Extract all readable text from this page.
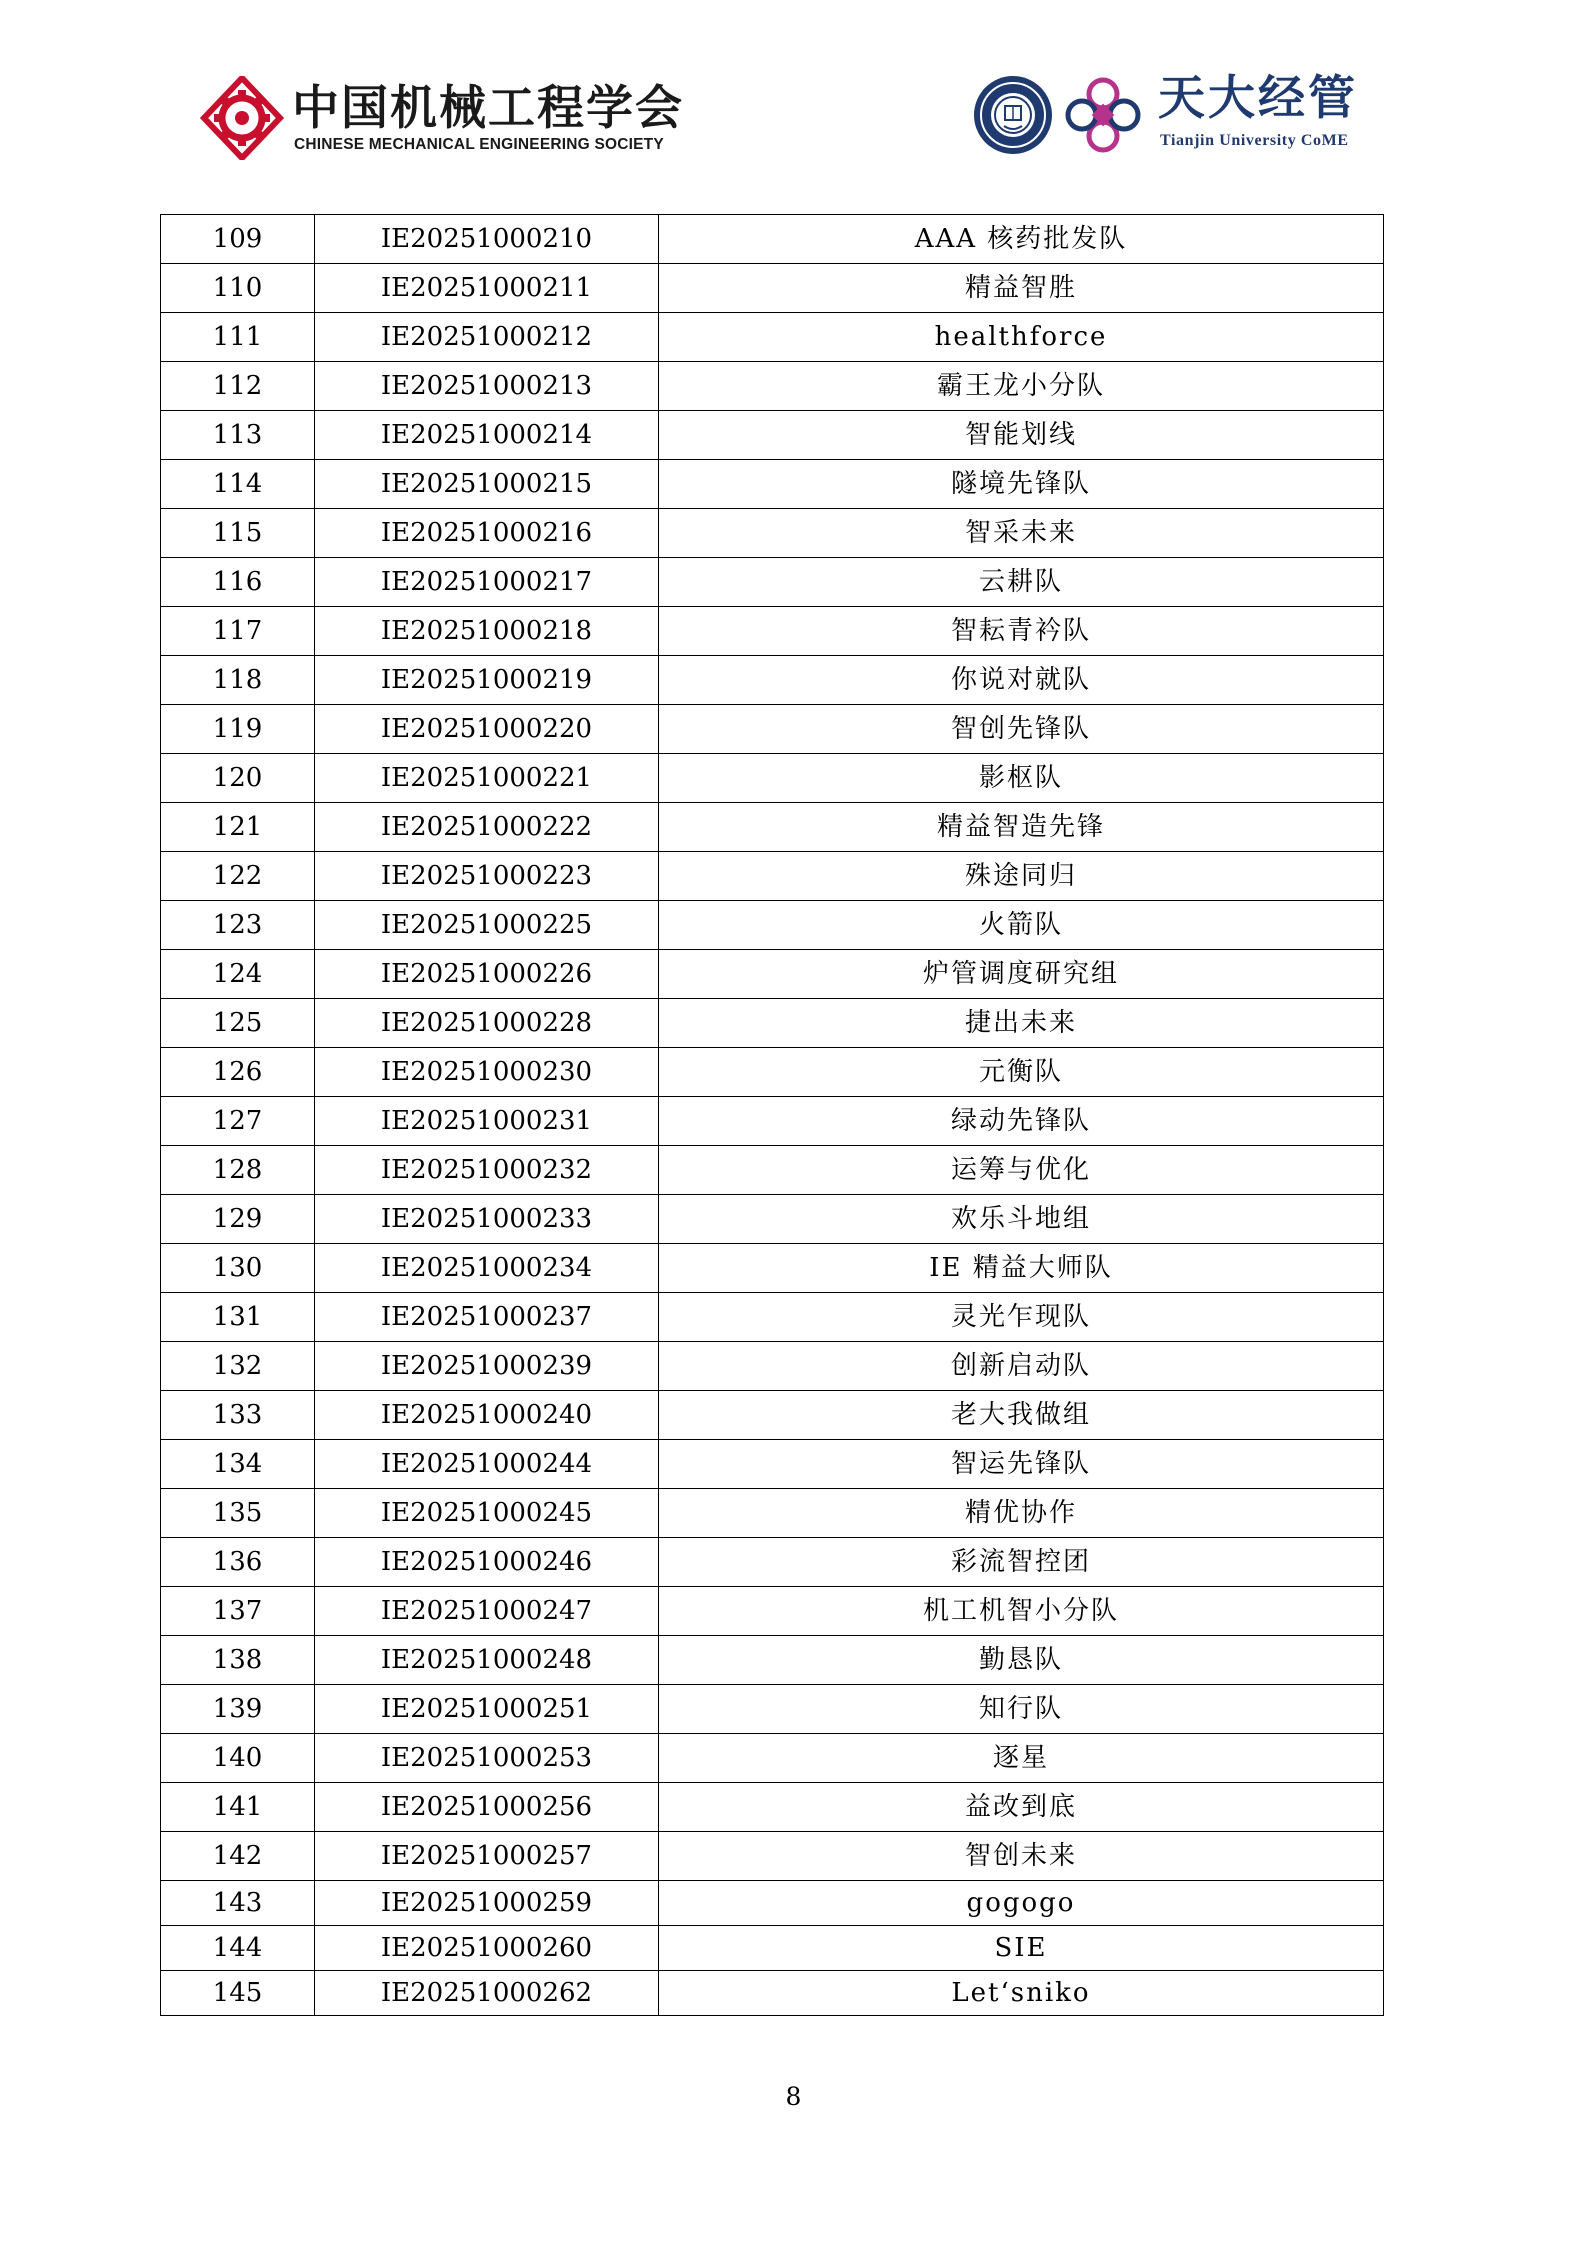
中国机械工程学会
CHINESE MECHANICAL ENGINEERING SOCIETY
天大经管
Tianjin University CoME
109	IE20251000210	AAA 核药批发队
110	IE20251000211	精益智胜
111	IE20251000212	healthforce
112	IE20251000213	霸王龙小分队
113	IE20251000214	智能划线
114	IE20251000215	隧境先锋队
115	IE20251000216	智采未来
116	IE20251000217	云耕队
117	IE20251000218	智耘青衿队
118	IE20251000219	你说对就队
119	IE20251000220	智创先锋队
120	IE20251000221	影枢队
121	IE20251000222	精益智造先锋
122	IE20251000223	殊途同归
123	IE20251000225	火箭队
124	IE20251000226	炉管调度研究组
125	IE20251000228	捷出未来
126	IE20251000230	元衡队
127	IE20251000231	绿动先锋队
128	IE20251000232	运筹与优化
129	IE20251000233	欢乐斗地组
130	IE20251000234	IE 精益大师队
131	IE20251000237	灵光乍现队
132	IE20251000239	创新启动队
133	IE20251000240	老大我做组
134	IE20251000244	智运先锋队
135	IE20251000245	精优协作
136	IE20251000246	彩流智控团
137	IE20251000247	机工机智小分队
138	IE20251000248	勤恳队
139	IE20251000251	知行队
140	IE20251000253	逐星
141	IE20251000256	益改到底
142	IE20251000257	智创未来
143	IE20251000259	gogogo
144	IE20251000260	SIE
145	IE20251000262	Let‘sniko
8
